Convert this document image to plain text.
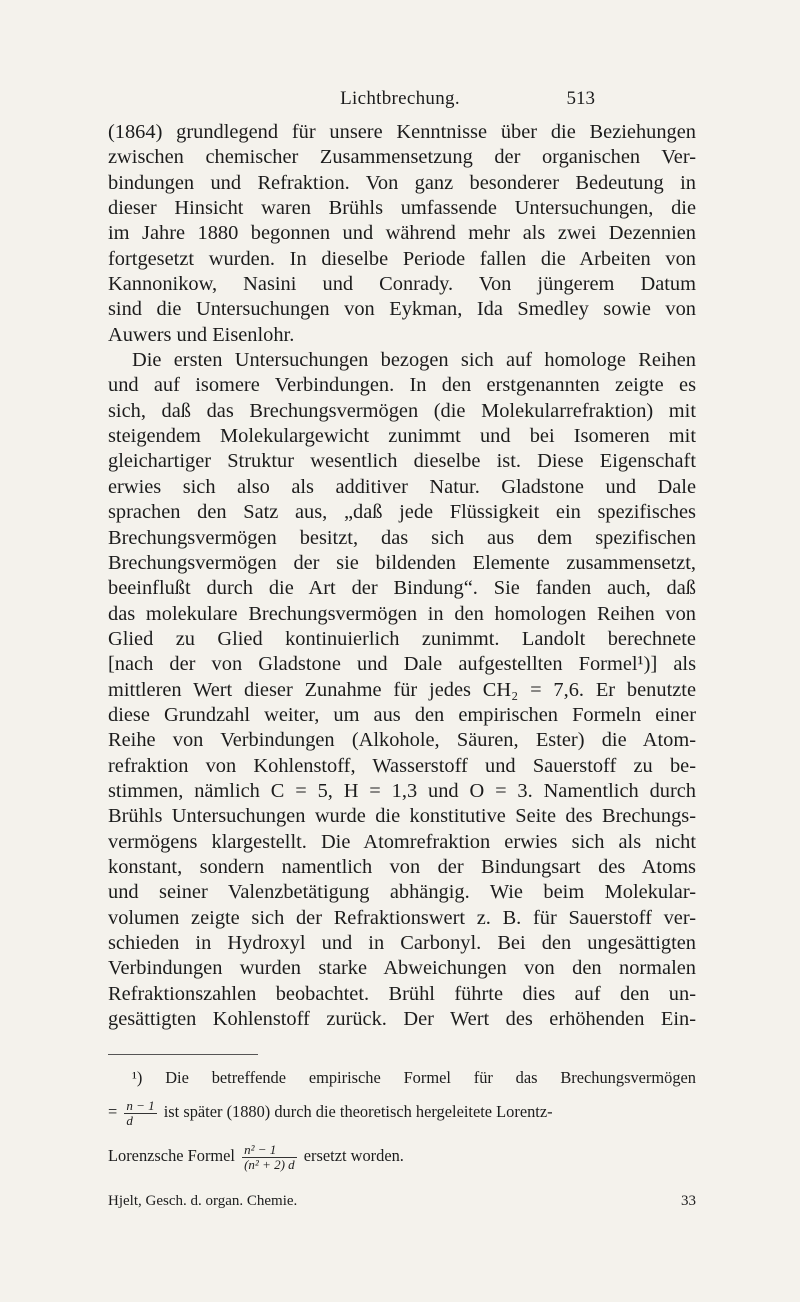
Lichtbrechung.	513
(1864) grundlegend für unsere Kenntnisse über die Beziehungen
zwischen chemischer Zusammensetzung der organischen Ver-
bindungen und Refraktion. Von ganz besonderer Bedeutung in
dieser Hinsicht waren Brühls umfassende Untersuchungen, die
im Jahre 1880 begonnen und während mehr als zwei Dezennien
fortgesetzt wurden. In dieselbe Periode fallen die Arbeiten von
Kannonikow, Nasini und Conrady. Von jüngerem Datum
sind die Untersuchungen von Eykman, Ida Smedley sowie von
Auwers und Eisenlohr.
Die ersten Untersuchungen bezogen sich auf homologe Reihen
und auf isomere Verbindungen. In den erstgenannten zeigte es
sich, daß das Brechungsvermögen (die Molekularrefraktion) mit
steigendem Molekulargewicht zunimmt und bei Isomeren mit
gleichartiger Struktur wesentlich dieselbe ist. Diese Eigenschaft
erwies sich also als additiver Natur. Gladstone und Dale
sprachen den Satz aus, „daß jede Flüssigkeit ein spezifisches
Brechungsvermögen besitzt, das sich aus dem spezifischen
Brechungsvermögen der sie bildenden Elemente zusammensetzt,
beeinflußt durch die Art der Bindung“. Sie fanden auch, daß
das molekulare Brechungsvermögen in den homologen Reihen von
Glied zu Glied kontinuierlich zunimmt. Landolt berechnete
[nach der von Gladstone und Dale aufgestellten Formel¹)] als
mittleren Wert dieser Zunahme für jedes CH₂ = 7,6. Er benutzte
diese Grundzahl weiter, um aus den empirischen Formeln einer
Reihe von Verbindungen (Alkohole, Säuren, Ester) die Atom-
refraktion von Kohlenstoff, Wasserstoff und Sauerstoff zu be-
stimmen, nämlich C = 5, H = 1,3 und O = 3. Namentlich durch
Brühls Untersuchungen wurde die konstitutive Seite des Brechungs-
vermögens klargestellt. Die Atomrefraktion erwies sich als nicht
konstant, sondern namentlich von der Bindungsart des Atoms
und seiner Valenzbetätigung abhängig. Wie beim Molekular-
volumen zeigte sich der Refraktionswert z. B. für Sauerstoff ver-
schieden in Hydroxyl und in Carbonyl. Bei den ungesättigten
Verbindungen wurden starke Abweichungen von den normalen
Refraktionszahlen beobachtet. Brühl führte dies auf den un-
gesättigten Kohlenstoff zurück. Der Wert des erhöhenden Ein-
¹) Die betreffende empirische Formel für das Brechungsvermögen
= $\frac{n - 1}{d}$ ist später (1880) durch die theoretisch hergeleitete Lorentz-
Lorenzsche Formel $\frac{\text{n² − 1}}{\text{(n² + 2) d}}$ ersetzt worden.
Hjelt, Gesch. d. organ. Chemie.	33
